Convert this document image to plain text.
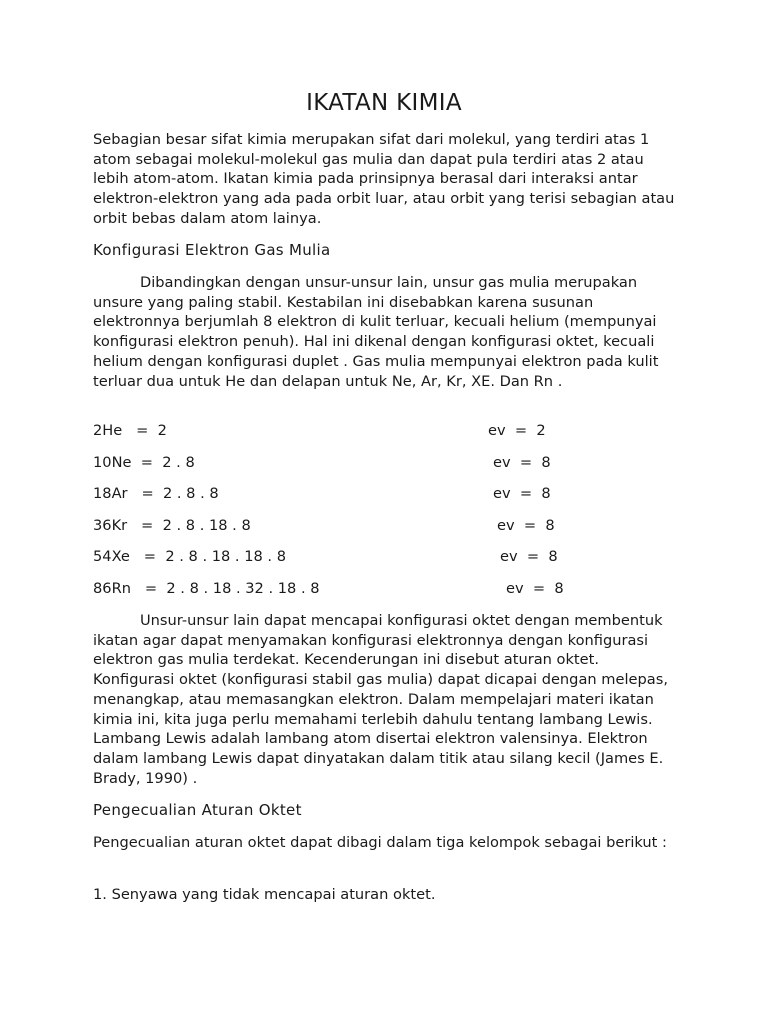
IKATAN KIMIA

Sebagian besar sifat kimia merupakan sifat dari molekul, yang terdiri atas 1 atom sebagai molekul-molekul gas mulia dan dapat pula terdiri atas 2 atau lebih atom-atom. Ikatan kimia pada prinsipnya berasal dari interaksi antar elektron-elektron yang ada pada orbit luar, atau orbit yang terisi sebagian atau orbit bebas dalam atom lainya.

Konfigurasi Elektron Gas Mulia

Dibandingkan dengan unsur-unsur lain, unsur gas mulia merupakan unsure yang paling stabil. Kestabilan ini disebabkan karena susunan elektronnya berjumlah 8 elektron di kulit terluar, kecuali helium (mempunyai konfigurasi elektron penuh). Hal ini dikenal dengan konfigurasi oktet, kecuali helium dengan konfigurasi duplet . Gas mulia mempunyai elektron pada kulit terluar dua untuk He dan delapan untuk Ne, Ar, Kr, XE. Dan Rn .

2He   =  2	ev  =  2
10Ne  =  2 . 8	ev  =  8
18Ar   =  2 . 8 . 8	ev  =  8
36Kr   =  2 . 8 . 18 . 8	ev  =  8
54Xe   =  2 . 8 . 18 . 18 . 8	ev  =  8
86Rn   =  2 . 8 . 18 . 32 . 18 . 8	ev  =  8

Unsur-unsur lain dapat mencapai konfigurasi oktet dengan membentuk ikatan agar dapat menyamakan konfigurasi elektronnya dengan konfigurasi elektron gas mulia terdekat. Kecenderungan ini disebut aturan oktet. Konfigurasi oktet (konfigurasi stabil gas mulia) dapat dicapai dengan melepas, menangkap, atau memasangkan elektron. Dalam mempelajari materi ikatan kimia ini, kita juga perlu memahami terlebih dahulu tentang lambang Lewis. Lambang Lewis adalah lambang atom disertai elektron valensinya. Elektron dalam lambang Lewis dapat dinyatakan dalam titik atau silang kecil (James E. Brady, 1990) .

Pengecualian Aturan Oktet

Pengecualian aturan oktet dapat dibagi dalam tiga kelompok sebagai berikut :

1. Senyawa yang tidak mencapai aturan oktet.
